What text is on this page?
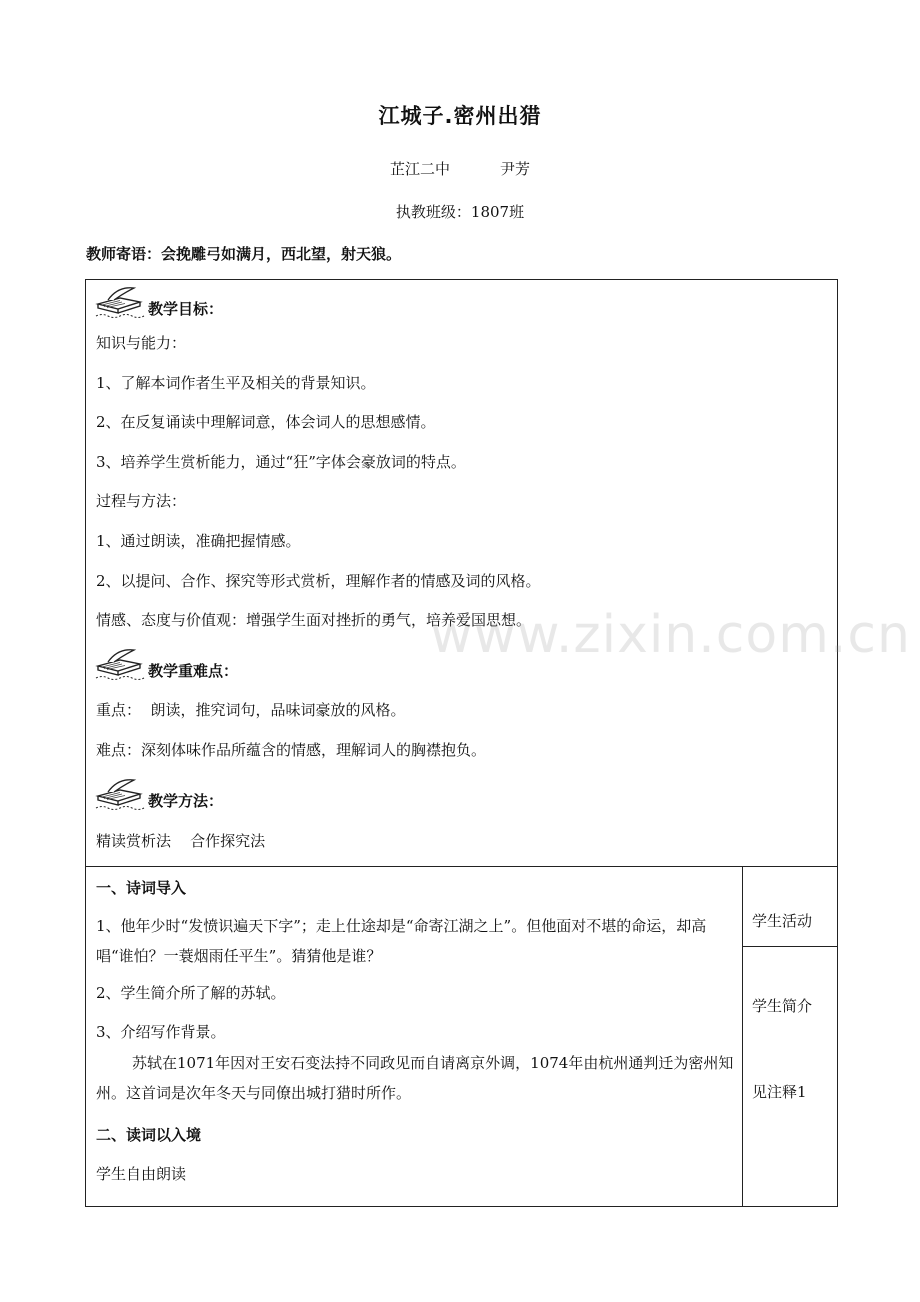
江城子.密州出猎
芷江二中	尹芳
执教班级：1807班
教师寄语：会挽雕弓如满月，西北望，射天狼。
教学目标：
知识与能力：
1、了解本词作者生平及相关的背景知识。
2、在反复诵读中理解词意，体会词人的思想感情。
3、培养学生赏析能力，通过“狂”字体会豪放词的特点。
过程与方法：
1、通过朗读，准确把握情感。
2、以提问、合作、探究等形式赏析，理解作者的情感及词的风格。
情感、态度与价值观：增强学生面对挫折的勇气，培养爱国思想。
教学重难点：
重点：  朗读，推究词句，品味词豪放的风格。
难点：深刻体味作品所蕴含的情感，理解词人的胸襟抱负。
教学方法：
精读赏析法    合作探究法
一、诗词导入
1、他年少时“发愤识遍天下字”；走上仕途却是“命寄江湖之上”。但他面对不堪的命运，却高唱“谁怕？一蓑烟雨任平生”。猜猜他是谁？
2、学生简介所了解的苏轼。
3、介绍写作背景。
苏轼在1071年因对王安石变法持不同政见而自请离京外调，1074年由杭州通判迁为密州知州。这首词是次年冬天与同僚出城打猎时所作。
二、读词以入境
学生自由朗读
学生活动
学生简介
见注释1
www.zixin.com.cn
